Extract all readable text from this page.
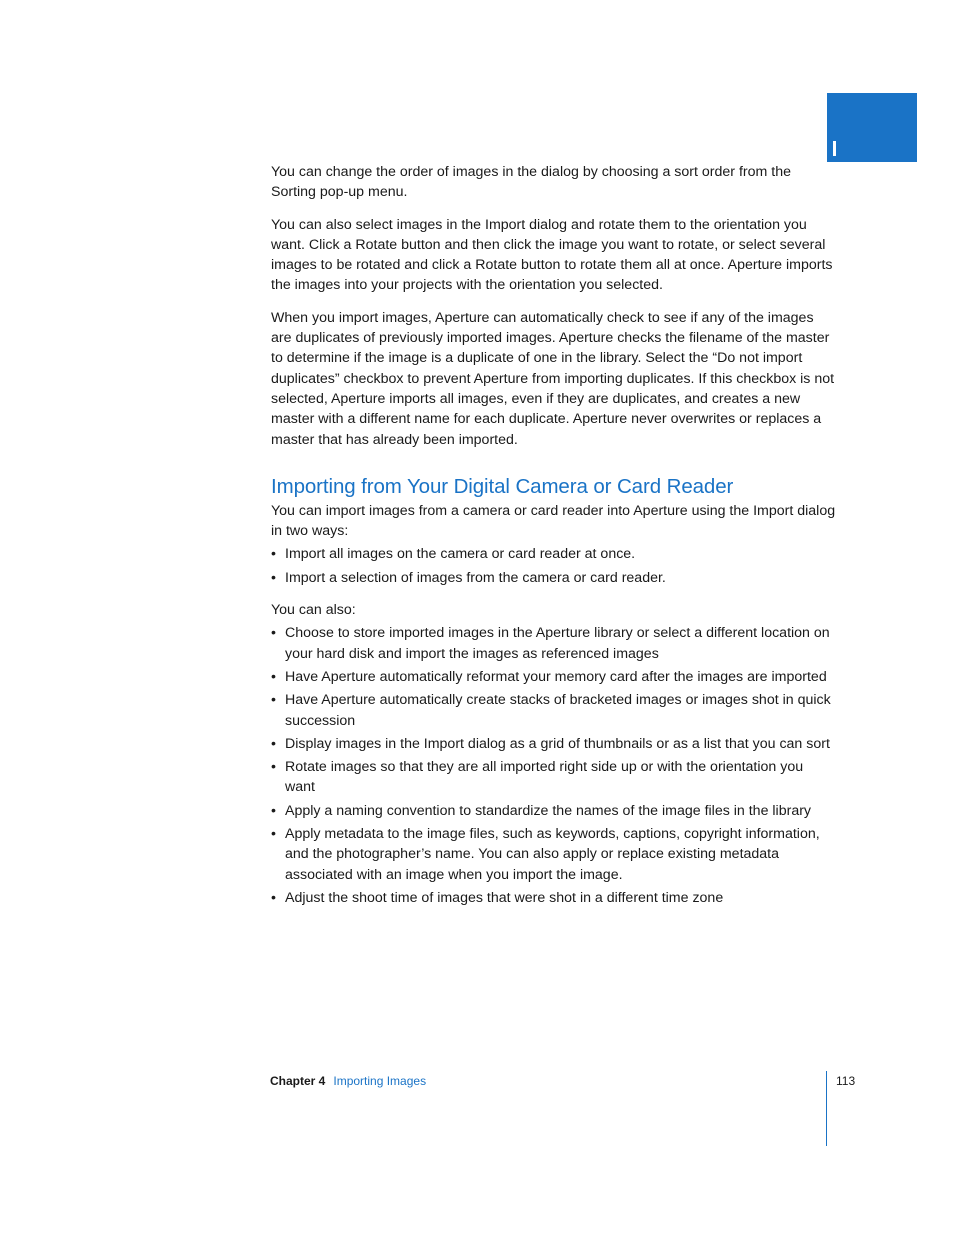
You can change the order of images in the dialog by choosing a sort order from the Sorting pop-up menu.

You can also select images in the Import dialog and rotate them to the orientation you want. Click a Rotate button and then click the image you want to rotate, or select several images to be rotated and click a Rotate button to rotate them all at once. Aperture imports the images into your projects with the orientation you selected.

When you import images, Aperture can automatically check to see if any of the images are duplicates of previously imported images. Aperture checks the filename of the master to determine if the image is a duplicate of one in the library. Select the “Do not import duplicates” checkbox to prevent Aperture from importing duplicates. If this checkbox is not selected, Aperture imports all images, even if they are duplicates, and creates a new master with a different name for each duplicate. Aperture never overwrites or replaces a master that has already been imported.

Importing from Your Digital Camera or Card Reader

You can import images from a camera or card reader into Aperture using the Import dialog in two ways:

• Import all images on the camera or card reader at once.
• Import a selection of images from the camera or card reader.

You can also:

• Choose to store imported images in the Aperture library or select a different location on your hard disk and import the images as referenced images
• Have Aperture automatically reformat your memory card after the images are imported
• Have Aperture automatically create stacks of bracketed images or images shot in quick succession
• Display images in the Import dialog as a grid of thumbnails or as a list that you can sort
• Rotate images so that they are all imported right side up or with the orientation you want
• Apply a naming convention to standardize the names of the image files in the library
• Apply metadata to the image files, such as keywords, captions, copyright information, and the photographer’s name. You can also apply or replace existing metadata associated with an image when you import the image.
• Adjust the shoot time of images that were shot in a different time zone
Chapter 4 Importing Images	113
